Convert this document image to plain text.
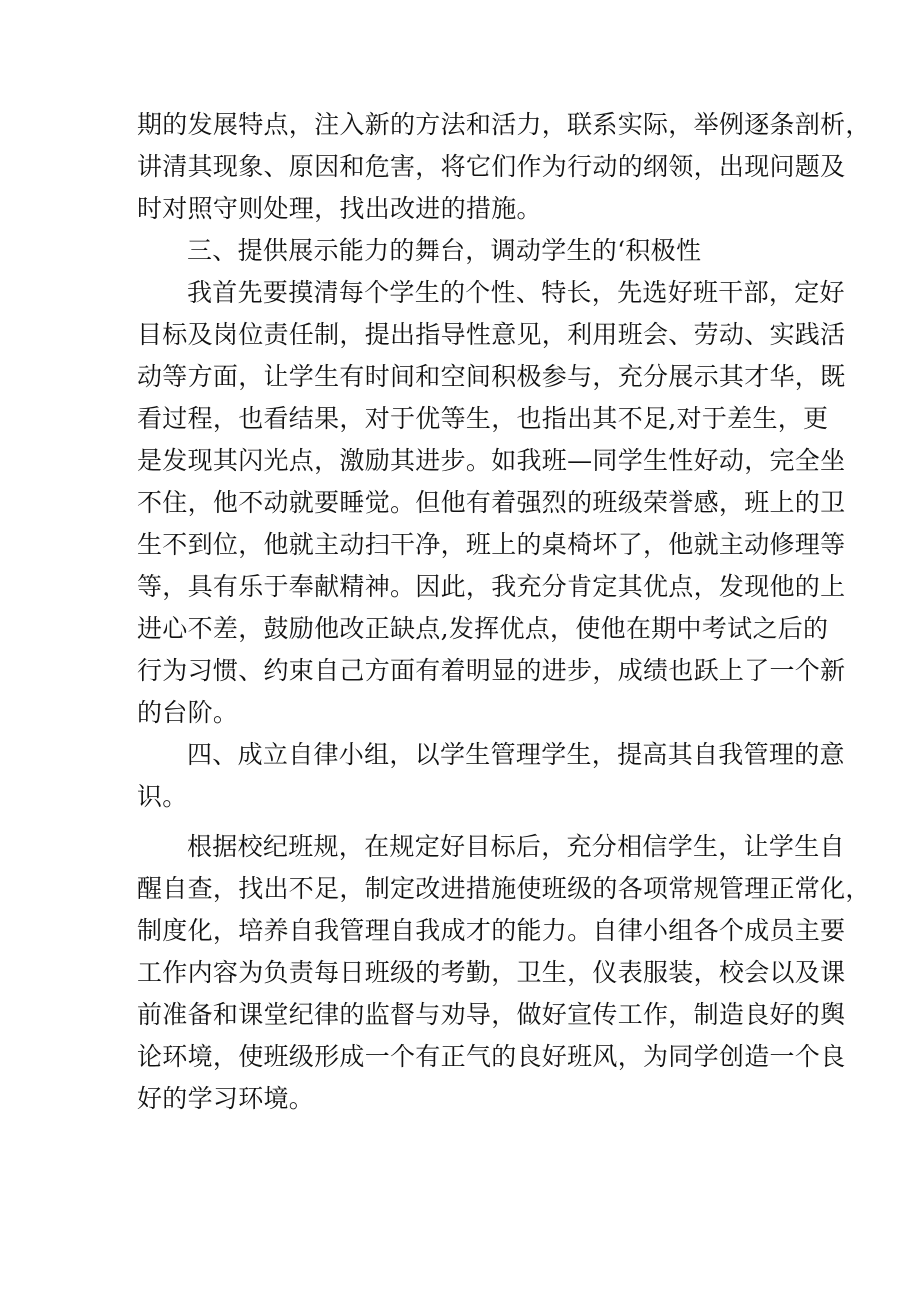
期的发展特点，注入新的方法和活力，联系实际，举例逐条剖析，
讲清其现象、原因和危害，将它们作为行动的纲领，出现问题及
时对照守则处理，找出改进的措施。
三、提供展示能力的舞台，调动学生的‘积极性
我首先要摸清每个学生的个性、特长，先选好班干部，定好
目标及岗位责任制，提出指导性意见，利用班会、劳动、实践活
动等方面，让学生有时间和空间积极参与，充分展示其才华，既
看过程，也看结果，对于优等生，也指出其不足,对于差生，更
是发现其闪光点，激励其进步。如我班—同学生性好动，完全坐
不住，他不动就要睡觉。但他有着强烈的班级荣誉感，班上的卫
生不到位，他就主动扫干净，班上的桌椅坏了，他就主动修理等
等，具有乐于奉献精神。因此，我充分肯定其优点，发现他的上
进心不差，鼓励他改正缺点,发挥优点，使他在期中考试之后的
行为习惯、约束自己方面有着明显的进步，成绩也跃上了一个新
的台阶。
四、成立自律小组，以学生管理学生，提高其自我管理的意
识。
根据校纪班规，在规定好目标后，充分相信学生，让学生自
醒自查，找出不足，制定改进措施使班级的各项常规管理正常化，
制度化，培养自我管理自我成才的能力。自律小组各个成员主要
工作内容为负责每日班级的考勤，卫生，仪表服装，校会以及课
前准备和课堂纪律的监督与劝导，做好宣传工作，制造良好的舆
论环境，使班级形成一个有正气的良好班风，为同学创造一个良
好的学习环境。
